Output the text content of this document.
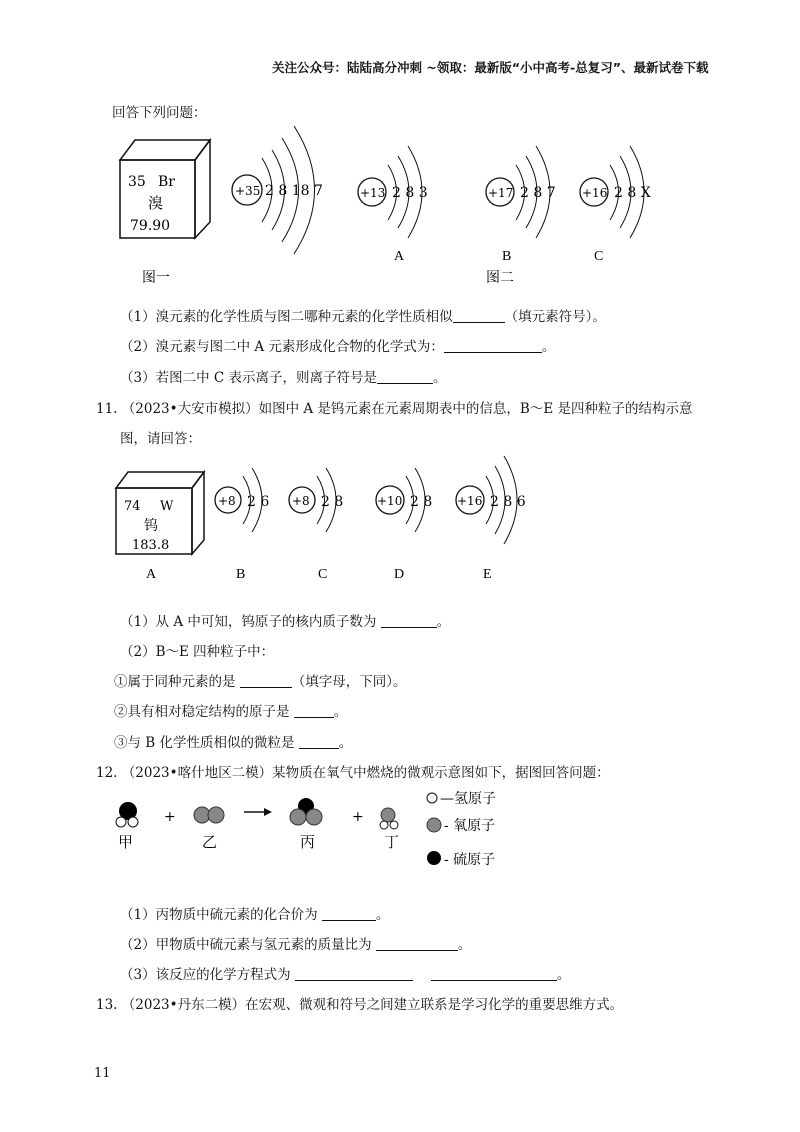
关注公众号：陆陆高分冲刺 ~领取：最新版“小中高考-总复习”、最新试卷下载
回答下列问题：
35 Br
溴
79.90
+35 2 8 18 7	+13 2 8 3
A
+17 2 8 7
B
+16 2 8 X
C
图一	图二
（1）溴元素的化学性质与图二哪种元素的化学性质相似	（填元素符号）。
（2）溴元素与图二中 A 元素形成化合物的化学式为：	。
（3）若图二中 C 表示离子，则离子符号是	。
11. （2023•大安市模拟）如图中 A 是钨元素在元素周期表中的信息，B～E 是四种粒子的结构示意
图，请回答：
74 W
钨
183.8
+8 2 6 +8 2 8	+10 2 8 +16 2 8 6
A	B	C	D	E
（1）从 A 中可知，钨原子的核内质子数为	。
（2）B～E 四种粒子中：
①属于同种元素的是	（填字母，下同）。
②具有相对稳定结构的原子是	。
③与 B 化学性质相似的微粒是	。
12. （2023•喀什地区二模）某物质在氧气中燃烧的微观示意图如下，据图回答问题：
甲
+
乙	丙
+
丁
—氢原子
- 氧原子
- 硫原子
（1）丙物质中硫元素的化合价为	。
（2）甲物质中硫元素与氢元素的质量比为	。
（3）该反应的化学方程式为	。
13. （2023•丹东二模）在宏观、微观和符号之间建立联系是学习化学的重要思维方式。
11
